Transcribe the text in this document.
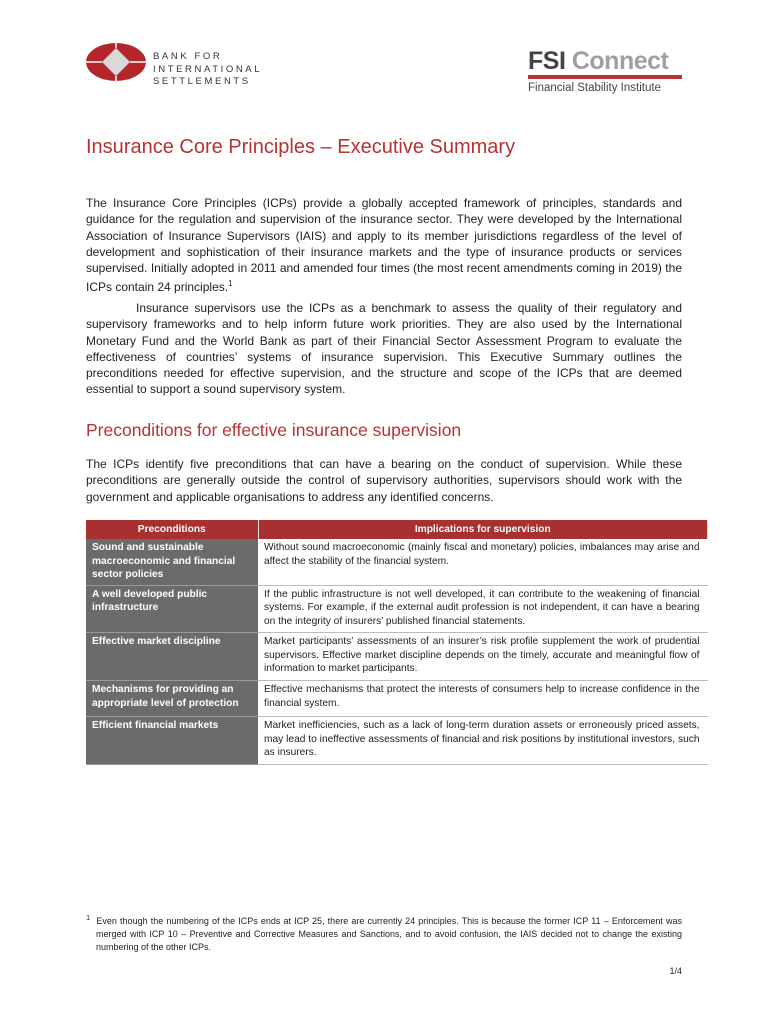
BANK FOR
INTERNATIONAL
SETTLEMENTS
FSI Connect
Financial Stability Institute
Insurance Core Principles – Executive Summary
The Insurance Core Principles (ICPs) provide a globally accepted framework of principles, standards and guidance for the regulation and supervision of the insurance sector. They were developed by the International Association of Insurance Supervisors (IAIS) and apply to its member jurisdictions regardless of the level of development and sophistication of their insurance markets and the type of insurance products or services supervised. Initially adopted in 2011 and amended four times (the most recent amendments coming in 2019) the ICPs contain 24 principles.$^1$
Insurance supervisors use the ICPs as a benchmark to assess the quality of their regulatory and supervisory frameworks and to help inform future work priorities. They are also used by the International Monetary Fund and the World Bank as part of their Financial Sector Assessment Program to evaluate the effectiveness of countries’ systems of insurance supervision. This Executive Summary outlines the preconditions needed for effective supervision, and the structure and scope of the ICPs that are deemed essential to support a sound supervisory system.
Preconditions for effective insurance supervision
The ICPs identify five preconditions that can have a bearing on the conduct of supervision. While these preconditions are generally outside the control of supervisory authorities, supervisors should work with the government and applicable organisations to address any identified concerns.
Preconditions	Implications for supervision
Sound and sustainable macroeconomic and financial sector policies	Without sound macroeconomic (mainly fiscal and monetary) policies, imbalances may arise and affect the stability of the financial system.
A well developed public infrastructure	If the public infrastructure is not well developed, it can contribute to the weakening of financial systems. For example, if the external audit profession is not independent, it can have a bearing on the integrity of insurers’ published financial statements.
Effective market discipline	Market participants’ assessments of an insurer’s risk profile supplement the work of prudential supervisors. Effective market discipline depends on the timely, accurate and meaningful flow of information to market participants.
Mechanisms for providing an appropriate level of protection	Effective mechanisms that protect the interests of consumers help to increase confidence in the financial system.
Efficient financial markets	Market inefficiencies, such as a lack of long-term duration assets or erroneously priced assets, may lead to ineffective assessments of financial and risk positions by institutional investors, such as insurers.
$^1$ Even though the numbering of the ICPs ends at ICP 25, there are currently 24 principles. This is because the former ICP 11 – Enforcement was merged with ICP 10 – Preventive and Corrective Measures and Sanctions, and to avoid confusion, the IAIS decided not to change the existing numbering of the other ICPs.
1/4
